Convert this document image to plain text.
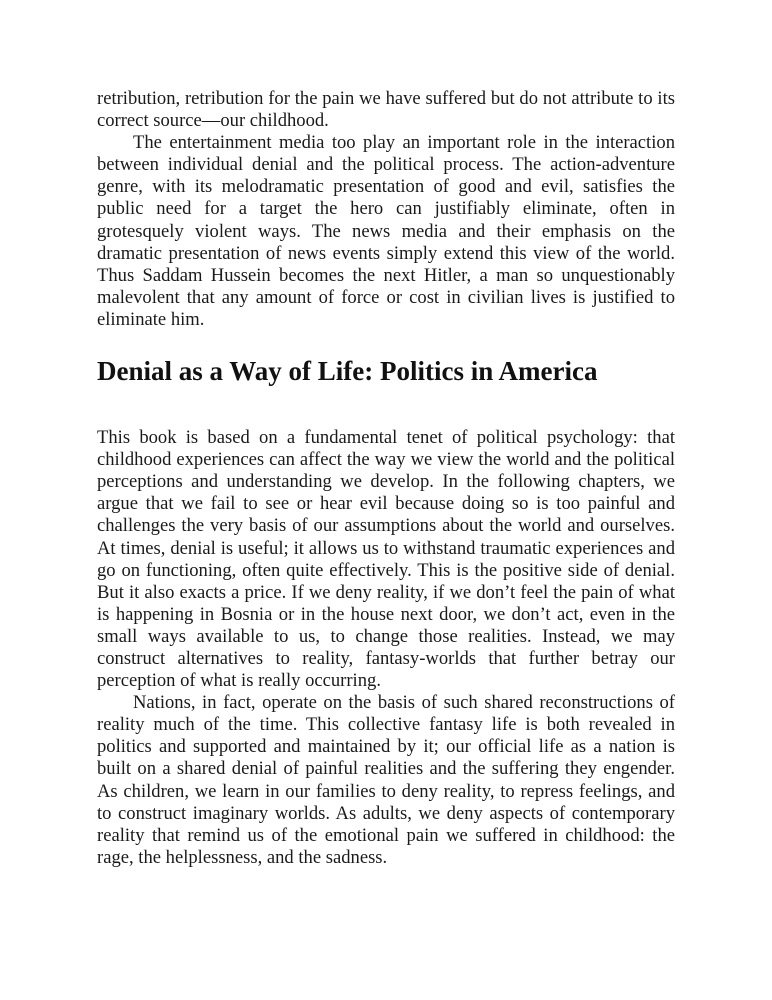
retribution, retribution for the pain we have suffered but do not attribute to its correct source—our childhood.

The entertainment media too play an important role in the interaction between individual denial and the political process. The action-adventure genre, with its melodramatic presentation of good and evil, satisfies the public need for a target the hero can justifiably eliminate, often in grotesquely violent ways. The news media and their emphasis on the dramatic presentation of news events simply extend this view of the world. Thus Saddam Hussein becomes the next Hitler, a man so unquestionably malevolent that any amount of force or cost in civilian lives is justified to eliminate him.

Denial as a Way of Life: Politics in America

This book is based on a fundamental tenet of political psychology: that childhood experiences can affect the way we view the world and the political perceptions and understanding we develop. In the following chapters, we argue that we fail to see or hear evil because doing so is too painful and challenges the very basis of our assumptions about the world and ourselves. At times, denial is useful; it allows us to withstand traumatic experiences and go on functioning, often quite effectively. This is the positive side of denial. But it also exacts a price. If we deny reality, if we don’t feel the pain of what is happening in Bosnia or in the house next door, we don’t act, even in the small ways available to us, to change those realities. Instead, we may construct alternatives to reality, fantasy-worlds that further betray our perception of what is really occurring.

Nations, in fact, operate on the basis of such shared reconstructions of reality much of the time. This collective fantasy life is both revealed in politics and supported and maintained by it; our official life as a nation is built on a shared denial of painful realities and the suffering they engender. As children, we learn in our families to deny reality, to repress feelings, and to construct imaginary worlds. As adults, we deny aspects of contemporary reality that remind us of the emotional pain we suffered in childhood: the rage, the helplessness, and the sadness.
